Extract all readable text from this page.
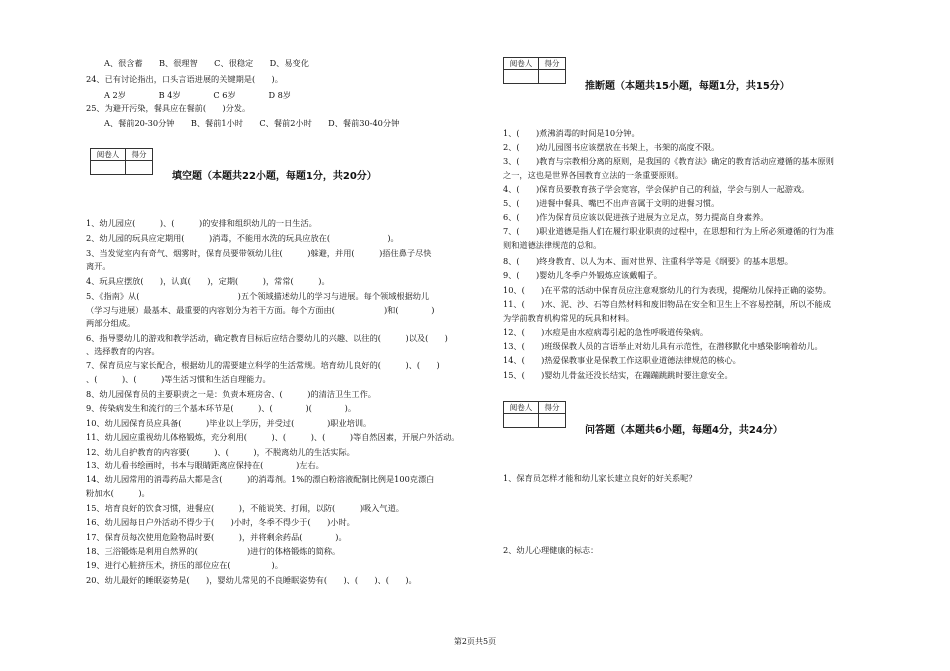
A、很含蓄　　B、很理智　　C、很稳定　　D、易变化
24、已有讨论指出，口头言语进展的关键期是(　　)。
A 2岁　　　　B 4岁　　　　C 6岁　　　　D 8岁
25、为避开污染，餐具应在餐前(　　)分发。
A、餐前20-30分钟　　B、餐前1小时　　C、餐前2小时　　D、餐前30-40分钟
阅卷人	得分

填空题（本题共22小题，每题1分，共20分）
1、幼儿园应(　　　)、(　　　)的安排和组织幼儿的一日生活。
2、幼儿园的玩具应定期用(　　　)消毒，不能用水洗的玩具应放在(　　　　　　　)。
3、当发觉室内有奇气、烟雾时，保育员要带领幼儿往(　　　)躲避，并用(　　　)捂住鼻子尽快
离开。
4、玩具应摆放(　　)，认真(　　)，定期(　　　)，常常(　　　)。
5、《指南》从(　　　　　　　　　　　　)五个领域描述幼儿的学习与进展。每个领域根据幼儿
（学习与进展）最基本、最重要的内容划分为若干方面。每个方面由(　　　　　　)和(　　　　)
两部分组成。
6、指导婴幼儿的游戏和教学活动，确定教育目标后应结合婴幼儿的兴趣、以往的(　　　)以及(　　)
、选择教育的内容。
7、保育员应与家长配合，根据幼儿的需要建立科学的生活常规。培育幼儿良好的(　　　)、(　　)
、(　　　)、(　　　)等生活习惯和生活自理能力。
8、幼儿园保育员的主要职责之一是：负责本班房舍、(　　　)的清洁卫生工作。
9、传染病发生和流行的三个基本环节是(　　　)、(　　　　)(　　　　)。
10、幼儿园保育员应具备(　　　)毕业以上学历，并受过(　　　　)职业培训。
11、幼儿园应重视幼儿体格锻炼，充分利用(　　　)、(　　　)、(　　　)等自然因素，开展户外活动。
12、幼儿自护教育的内容要(　　　)、(　　　)，不脱离幼儿的生活实际。
13、幼儿看书绘画时，书本与眼睛距离应保持在(　　　　)左右。
14、幼儿园常用的消毒药品大都是含(　　　)的消毒剂。1%的漂白粉溶液配制比例是100克漂白
粉加水(　　　)。
15、培育良好的饮食习惯，进餐应(　　　)，不能说笑、打闹，以防(　　　)吸入气道。
16、幼儿园每日户外活动不得少于(　　)小时，冬季不得少于(　　)小时。
17、保育员每次使用危险物品时要(　　　)，并将剩余药品(　　　　)。
18、三浴锻炼是利用自然界的(　　　　　　)进行的体格锻炼的简称。
19、进行心脏挤压术，挤压的部位应在(　　　　　)。
20、幼儿最好的睡眠姿势是(　　)，婴幼儿常见的不良睡眠姿势有(　　)、(　　)、(　　)。
阅卷人	得分

推断题（本题共15小题，每题1分，共15分）
1、(　　)煮沸消毒的时间是10分钟。
2、(　　)幼儿园图书应该摆放在书架上，书架的高度不限。
3、(　　)教育与宗教相分离的原则，是我国的《教育法》确定的教育活动应遵循的基本原则
之一，这也是世界各国教育立法的一条重要原则。
4、(　　)保育员要教育孩子学会宽容，学会保护自己的利益，学会与别人一起游戏。
5、(　　)进餐中餐具、嘴巴不出声音属于文明的进餐习惯。
6、(　　)作为保育员应该以促进孩子进展为立足点，努力提高自身素养。
7、(　　)职业道德是指人们在履行职业职责的过程中，在思想和行为上所必须遵循的行为准
则和道德法律规范的总和。
8、(　　)终身教育、以人为本、面对世界、注重科学等是《纲要》的基本思想。
9、(　　)婴幼儿冬季户外锻炼应该戴帽子。
10、(　　)在平常的活动中保育员应注意观察幼儿的行为表现，提醒幼儿保持正确的姿势。
11、(　　)水、泥、沙、石等自然材料和废旧物品在安全和卫生上不容易控制，所以不能成
为学前教育机构常见的玩具和材料。
12、(　　)水痘是由水痘病毒引起的急性呼吸道传染病。
13、(　　)班级保教人员的言语举止对幼儿具有示范性，在潜移默化中感染影响着幼儿。
14、(　　)热爱保教事业是保教工作这职业道德法律规范的核心。
15、(　　)婴幼儿骨盆还没长结实，在蹦蹦跳跳时要注意安全。
阅卷人	得分

问答题（本题共6小题，每题4分，共24分）
1、保育员怎样才能和幼儿家长建立良好的好关系呢？
2、幼儿心理健康的标志：
第2页共5页
